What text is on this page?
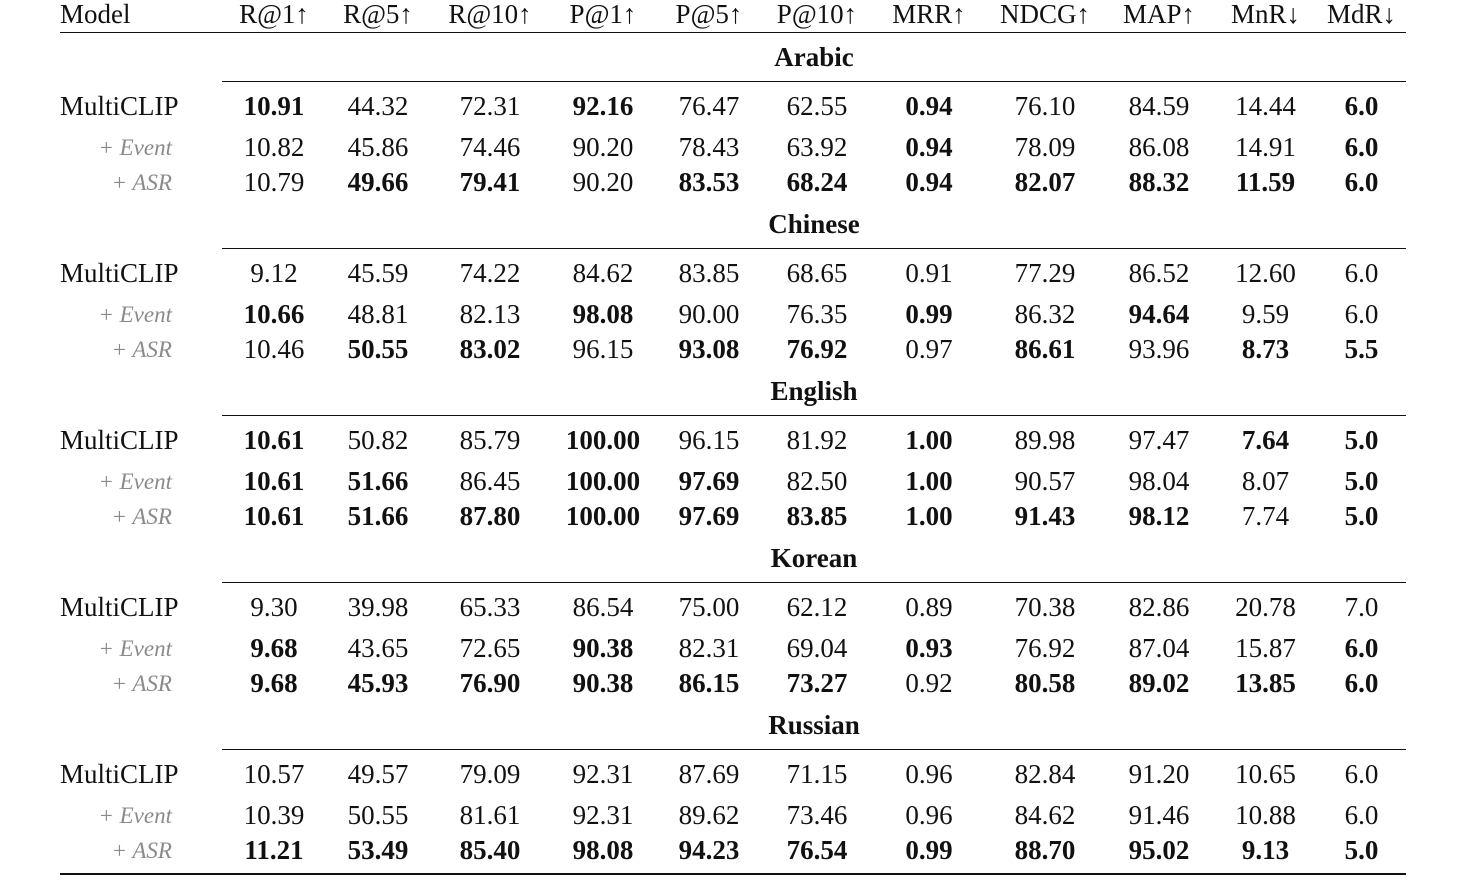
Model	R@1↑	R@5↑	R@10↑	P@1↑	P@5↑	P@10↑	MRR↑	NDCG↑	MAP↑	MnR↓	MdR↓
	Arabic										
MultiCLIP	10.91	44.32	72.31	92.16	76.47	62.55	0.94	76.10	84.59	14.44	6.0
+ Event	10.82	45.86	74.46	90.20	78.43	63.92	0.94	78.09	86.08	14.91	6.0
+ ASR	10.79	49.66	79.41	90.20	83.53	68.24	0.94	82.07	88.32	11.59	6.0
	Chinese										
MultiCLIP	9.12	45.59	74.22	84.62	83.85	68.65	0.91	77.29	86.52	12.60	6.0
+ Event	10.66	48.81	82.13	98.08	90.00	76.35	0.99	86.32	94.64	9.59	6.0
+ ASR	10.46	50.55	83.02	96.15	93.08	76.92	0.97	86.61	93.96	8.73	5.5
	English										
MultiCLIP	10.61	50.82	85.79	100.00	96.15	81.92	1.00	89.98	97.47	7.64	5.0
+ Event	10.61	51.66	86.45	100.00	97.69	82.50	1.00	90.57	98.04	8.07	5.0
+ ASR	10.61	51.66	87.80	100.00	97.69	83.85	1.00	91.43	98.12	7.74	5.0
	Korean										
MultiCLIP	9.30	39.98	65.33	86.54	75.00	62.12	0.89	70.38	82.86	20.78	7.0
+ Event	9.68	43.65	72.65	90.38	82.31	69.04	0.93	76.92	87.04	15.87	6.0
+ ASR	9.68	45.93	76.90	90.38	86.15	73.27	0.92	80.58	89.02	13.85	6.0
	Russian										
MultiCLIP	10.57	49.57	79.09	92.31	87.69	71.15	0.96	82.84	91.20	10.65	6.0
+ Event	10.39	50.55	81.61	92.31	89.62	73.46	0.96	84.62	91.46	10.88	6.0
+ ASR	11.21	53.49	85.40	98.08	94.23	76.54	0.99	88.70	95.02	9.13	5.0
